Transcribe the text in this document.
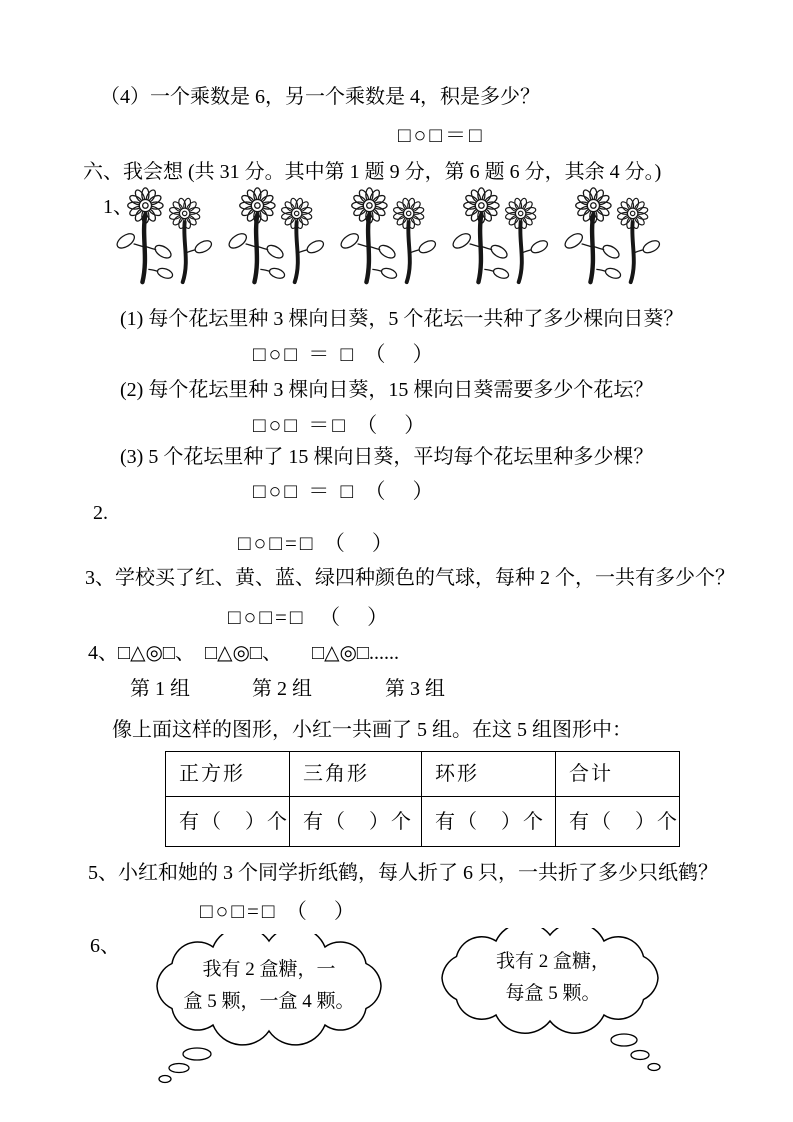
（4）一个乘数是 6，另一个乘数是 4，积是多少？
□○□＝□
六、我会想 (共 31 分。其中第 1 题 9 分，第 6 题 6 分，其余 4 分。)
1、
(1) 每个花坛里种 3 棵向日葵，5 个花坛一共种了多少棵向日葵？
□○□ ＝ □ （　）
(2) 每个花坛里种 3 棵向日葵，15 棵向日葵需要多少个花坛？
□○□ ＝□ （　）
(3) 5 个花坛里种了 15 棵向日葵，平均每个花坛里种多少棵？
□○□ ＝ □ （　）
2.
□○□=□ （　）
3、学校买了红、黄、蓝、绿四种颜色的气球，每种 2 个，一共有多少个？
□○□=□　（　）
4、□△◎□、　□△◎□、　　□△◎□......
第 1 组	第 2 组	第 3 组
像上面这样的图形，小红一共画了 5 组。在这 5 组图形中：
正方形	三角形	环形	合计
有（　）个	有（　）个	有（　）个	有（　）个
5、小红和她的 3 个同学折纸鹤，每人折了 6 只，一共折了多少只纸鹤？
□○□=□ （　）
6、
我有 2 盒糖，一
盒 5 颗，一盒 4 颗。
我有 2 盒糖，
每盒 5 颗。
